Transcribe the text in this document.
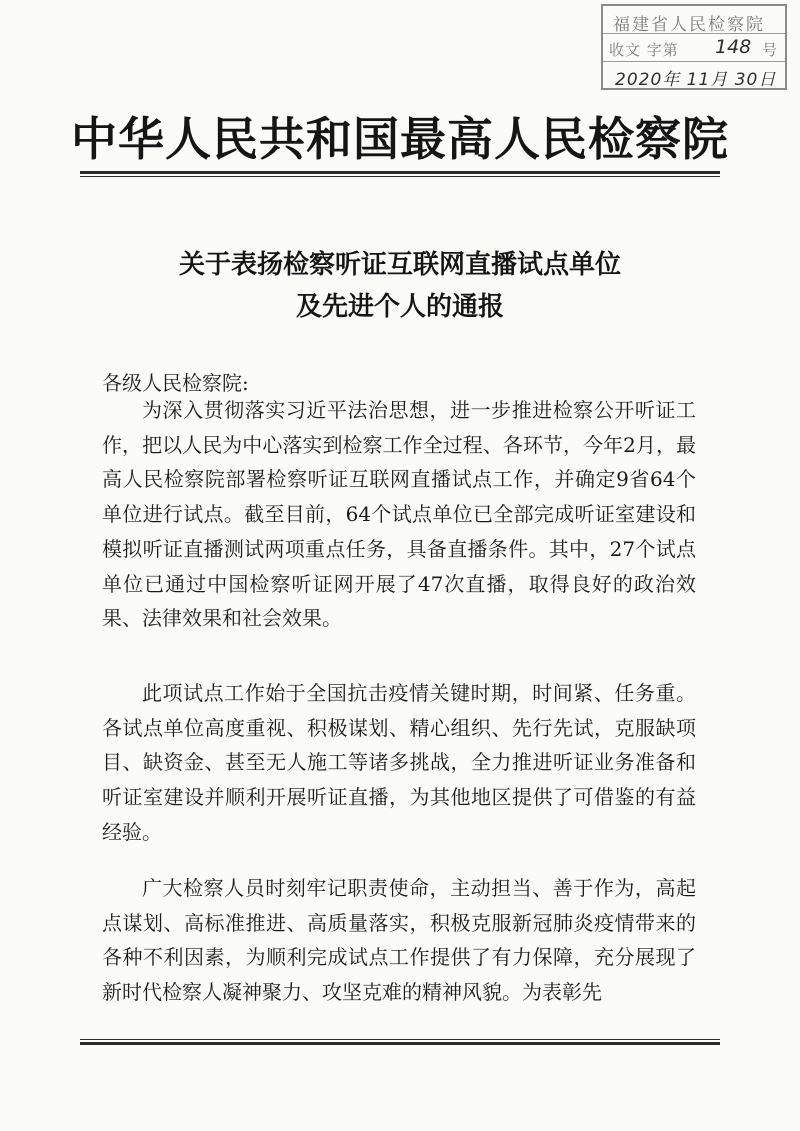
福建省人民检察院
收文 字第 148 号
2020年 11月 30日
中华人民共和国最高人民检察院
关于表扬检察听证互联网直播试点单位
及先进个人的通报
各级人民检察院:

为深入贯彻落实习近平法治思想，进一步推进检察公开听证工作，把以人民为中心落实到检察工作全过程、各环节，今年2月，最高人民检察院部署检察听证互联网直播试点工作，并确定9省64个单位进行试点。截至目前，64个试点单位已全部完成听证室建设和模拟听证直播测试两项重点任务，具备直播条件。其中，27个试点单位已通过中国检察听证网开展了47次直播，取得良好的政治效果、法律效果和社会效果。

此项试点工作始于全国抗击疫情关键时期，时间紧、任务重。各试点单位高度重视、积极谋划、精心组织、先行先试，克服缺项目、缺资金、甚至无人施工等诸多挑战，全力推进听证业务准备和听证室建设并顺利开展听证直播，为其他地区提供了可借鉴的有益经验。

广大检察人员时刻牢记职责使命，主动担当、善于作为，高起点谋划、高标准推进、高质量落实，积极克服新冠肺炎疫情带来的各种不利因素，为顺利完成试点工作提供了有力保障，充分展现了新时代检察人凝神聚力、攻坚克难的精神风貌。为表彰先
